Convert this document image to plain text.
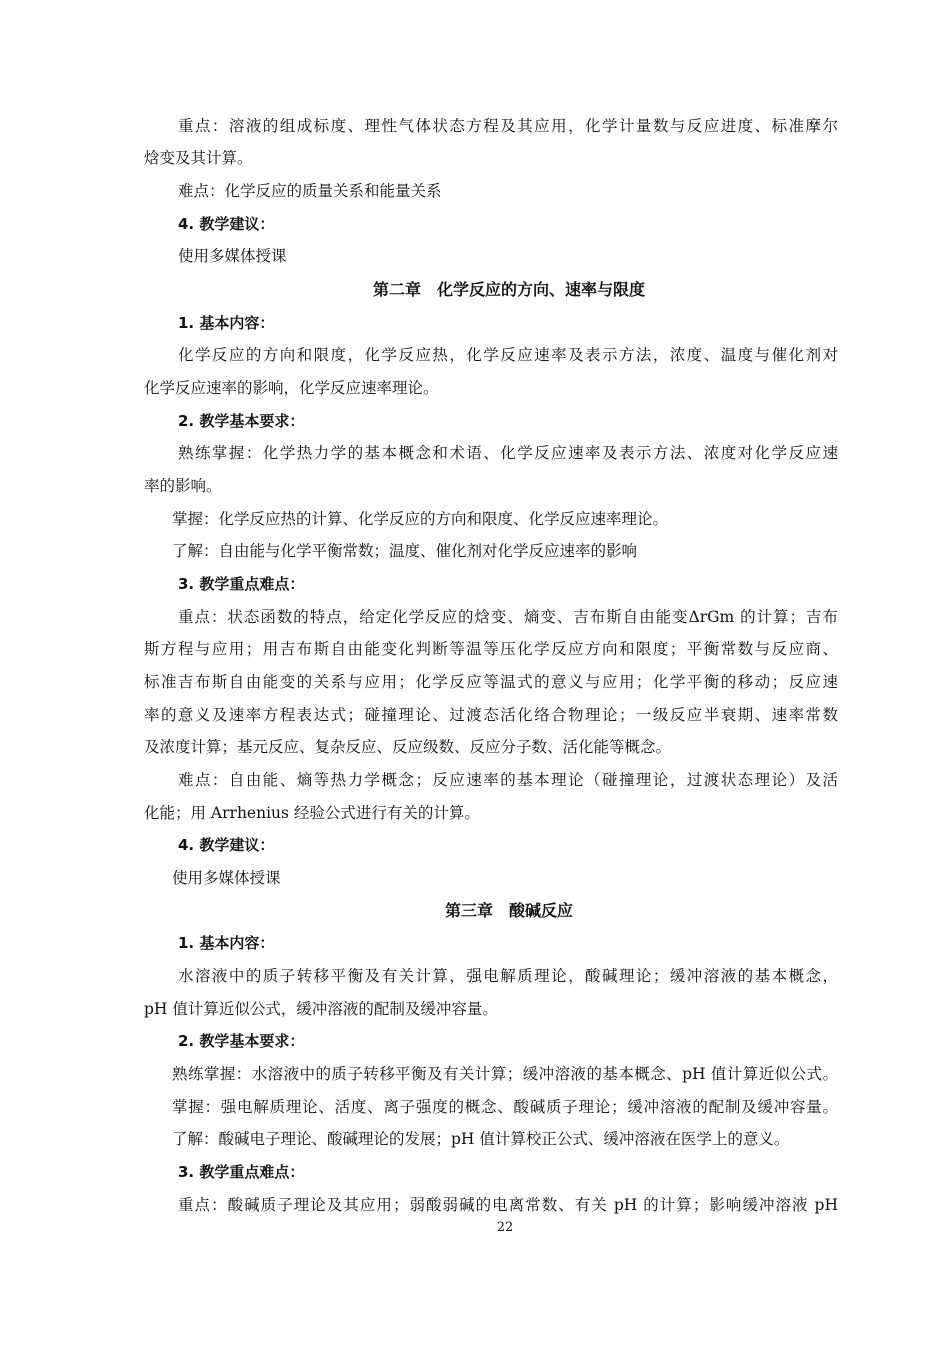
重点：溶液的组成标度、理性气体状态方程及其应用，化学计量数与反应进度、标准摩尔
焓变及其计算。
难点：化学反应的质量关系和能量关系
4. 教学建议：
使用多媒体授课
第二章　化学反应的方向、速率与限度
1. 基本内容：
化学反应的方向和限度，化学反应热，化学反应速率及表示方法，浓度、温度与催化剂对
化学反应速率的影响，化学反应速率理论。
2. 教学基本要求：
熟练掌握：化学热力学的基本概念和术语、化学反应速率及表示方法、浓度对化学反应速
率的影响。
掌握：化学反应热的计算、化学反应的方向和限度、化学反应速率理论。
了解：自由能与化学平衡常数；温度、催化剂对化学反应速率的影响
3. 教学重点难点：
重点：状态函数的特点，给定化学反应的焓变、熵变、吉布斯自由能变ΔrGm 的计算；吉布
斯方程与应用；用吉布斯自由能变化判断等温等压化学反应方向和限度；平衡常数与反应商、
标准吉布斯自由能变的关系与应用；化学反应等温式的意义与应用；化学平衡的移动；反应速
率的意义及速率方程表达式；碰撞理论、过渡态活化络合物理论；一级反应半衰期、速率常数
及浓度计算；基元反应、复杂反应、反应级数、反应分子数、活化能等概念。
难点：自由能、熵等热力学概念；反应速率的基本理论（碰撞理论，过渡状态理论）及活
化能；用 Arrhenius 经验公式进行有关的计算。
4. 教学建议：
使用多媒体授课
第三章　酸碱反应
1. 基本内容：
水溶液中的质子转移平衡及有关计算，强电解质理论，酸碱理论；缓冲溶液的基本概念，
pH 值计算近似公式，缓冲溶液的配制及缓冲容量。
2. 教学基本要求：
熟练掌握：水溶液中的质子转移平衡及有关计算；缓冲溶液的基本概念、pH 值计算近似公式。
掌握：强电解质理论、活度、离子强度的概念、酸碱质子理论；缓冲溶液的配制及缓冲容量。
了解：酸碱电子理论、酸碱理论的发展；pH 值计算校正公式、缓冲溶液在医学上的意义。
3. 教学重点难点：
重点：酸碱质子理论及其应用；弱酸弱碱的电离常数、有关 pH 的计算；影响缓冲溶液 pH
22
